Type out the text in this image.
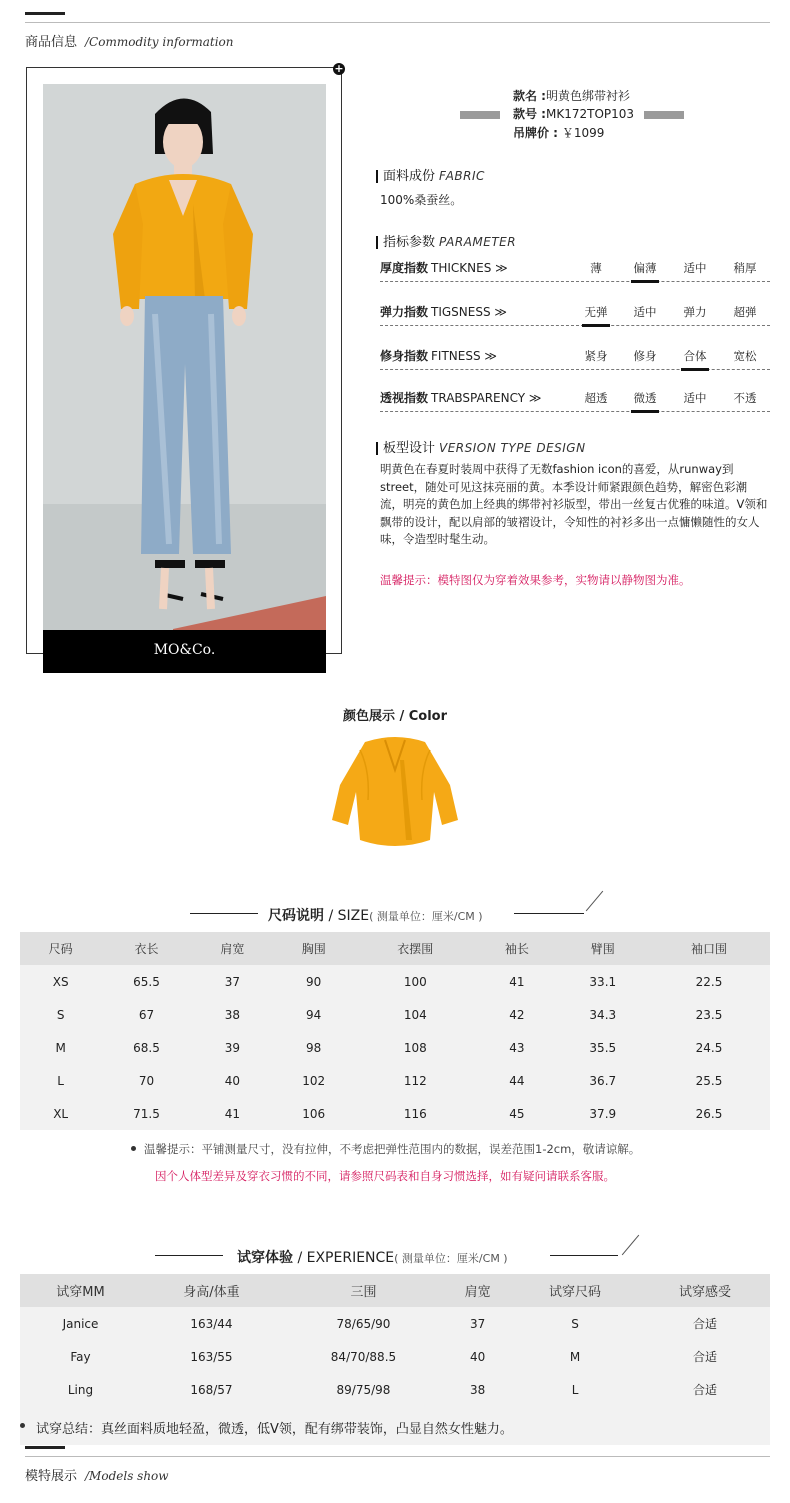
商品信息 /Commodity information
+
MO&Co.
款名 :明黄色绑带衬衫
款号 :MK172TOP103
吊牌价 : ￥1099
面料成份 FABRIC
100%桑蚕丝。
指标参数 PARAMETER
厚度指数 THICKNES ≫	薄	偏薄	适中	稍厚
弹力指数 TIGSNESS ≫	无弹	适中	弹力	超弹
修身指数 FITNESS ≫	紧身	修身	合体	宽松
透视指数 TRABSPARENCY ≫	超透	微透	适中	不透
板型设计 VERSION TYPE DESIGN
明黄色在春夏时装周中获得了无数fashion icon的喜爱，从runway到street，随处可见这抹亮丽的黄。本季设计师紧跟颜色趋势，解密色彩潮流，明亮的黄色加上经典的绑带衬衫版型，带出一丝复古优雅的味道。V领和飘带的设计，配以肩部的皱褶设计，令知性的衬衫多出一点慵懒随性的女人味，令造型时髦生动。
温馨提示：模特图仅为穿着效果参考，实物请以静物图为准。
颜色展示 / Color
尺码说明 / SIZE( 测量单位：厘米/CM )
尺码	衣长	肩宽	胸围	衣摆围	袖长	臂围	袖口围
XS	65.5	37	90	100	41	33.1	22.5
S	67	38	94	104	42	34.3	23.5
M	68.5	39	98	108	43	35.5	24.5
L	70	40	102	112	44	36.7	25.5
XL	71.5	41	106	116	45	37.9	26.5
温馨提示：平铺测量尺寸，没有拉伸，不考虑把弹性范围内的数据，误差范围1-2cm，敬请谅解。
因个人体型差异及穿衣习惯的不同，请参照尺码表和自身习惯选择，如有疑问请联系客服。
试穿体验 / EXPERIENCE( 测量单位：厘米/CM )
试穿MM	身高/体重	三围	肩宽	试穿尺码	试穿感受
Janice	163/44	78/65/90	37	S	合适
Fay	163/55	84/70/88.5	40	M	合适
Ling	168/57	89/75/98	38	L	合适
试穿总结：真丝面料质地轻盈，微透，低V领，配有绑带装饰，凸显自然女性魅力。
模特展示 /Models show
